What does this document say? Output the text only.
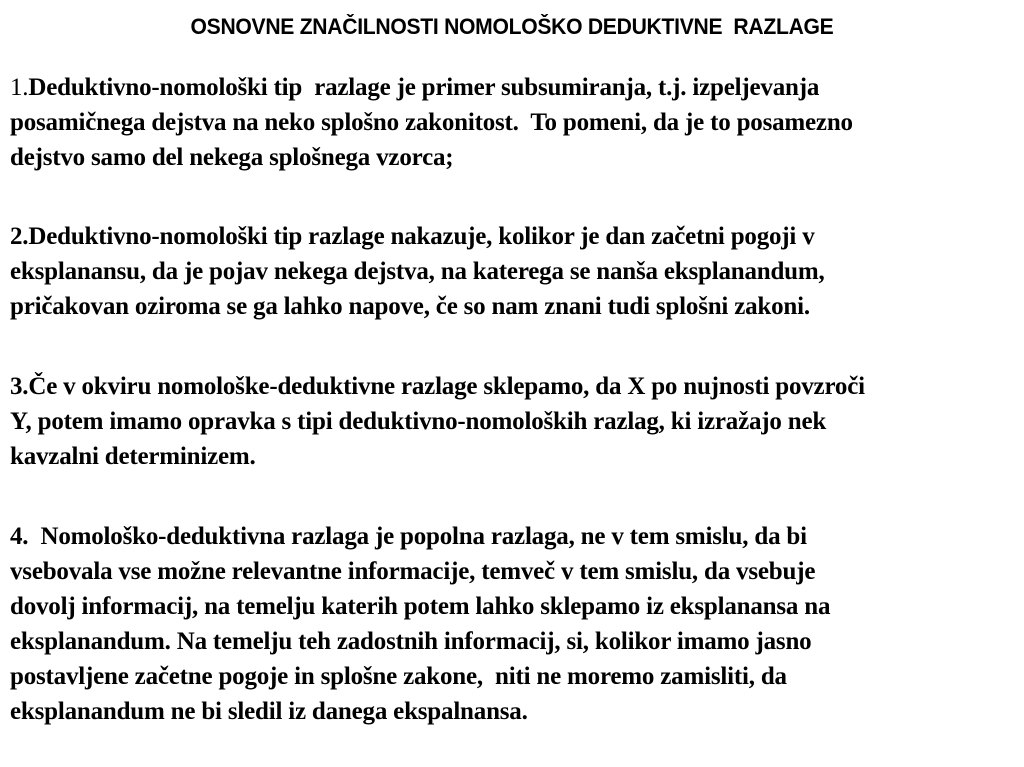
OSNOVNE ZNAČILNOSTI NOMOLOŠKO DEDUKTIVNE  RAZLAGE
1.Deduktivno-nomološki tip  razlage je primer subsumiranja, t.j. izpeljevanja
posamičnega dejstva na neko splošno zakonitost.  To pomeni, da je to posamezno
dejstvo samo del nekega splošnega vzorca;
2.Deduktivno-nomološki tip razlage nakazuje, kolikor je dan začetni pogoji v
eksplanansu, da je pojav nekega dejstva, na katerega se nanša eksplanandum,
pričakovan oziroma se ga lahko napove, če so nam znani tudi splošni zakoni.
3.Če v okviru nomološke-deduktivne razlage sklepamo, da X po nujnosti povzroči
Y, potem imamo opravka s tipi deduktivno-nomoloških razlag, ki izražajo nek
kavzalni determinizem.
4.  Nomološko-deduktivna razlaga je popolna razlaga, ne v tem smislu, da bi
vsebovala vse možne relevantne informacije, temveč v tem smislu, da vsebuje
dovolj informacij, na temelju katerih potem lahko sklepamo iz eksplanansa na
eksplanandum. Na temelju teh zadostnih informacij, si, kolikor imamo jasno
postavljene začetne pogoje in splošne zakone,  niti ne moremo zamisliti, da
eksplanandum ne bi sledil iz danega ekspalnansa.
